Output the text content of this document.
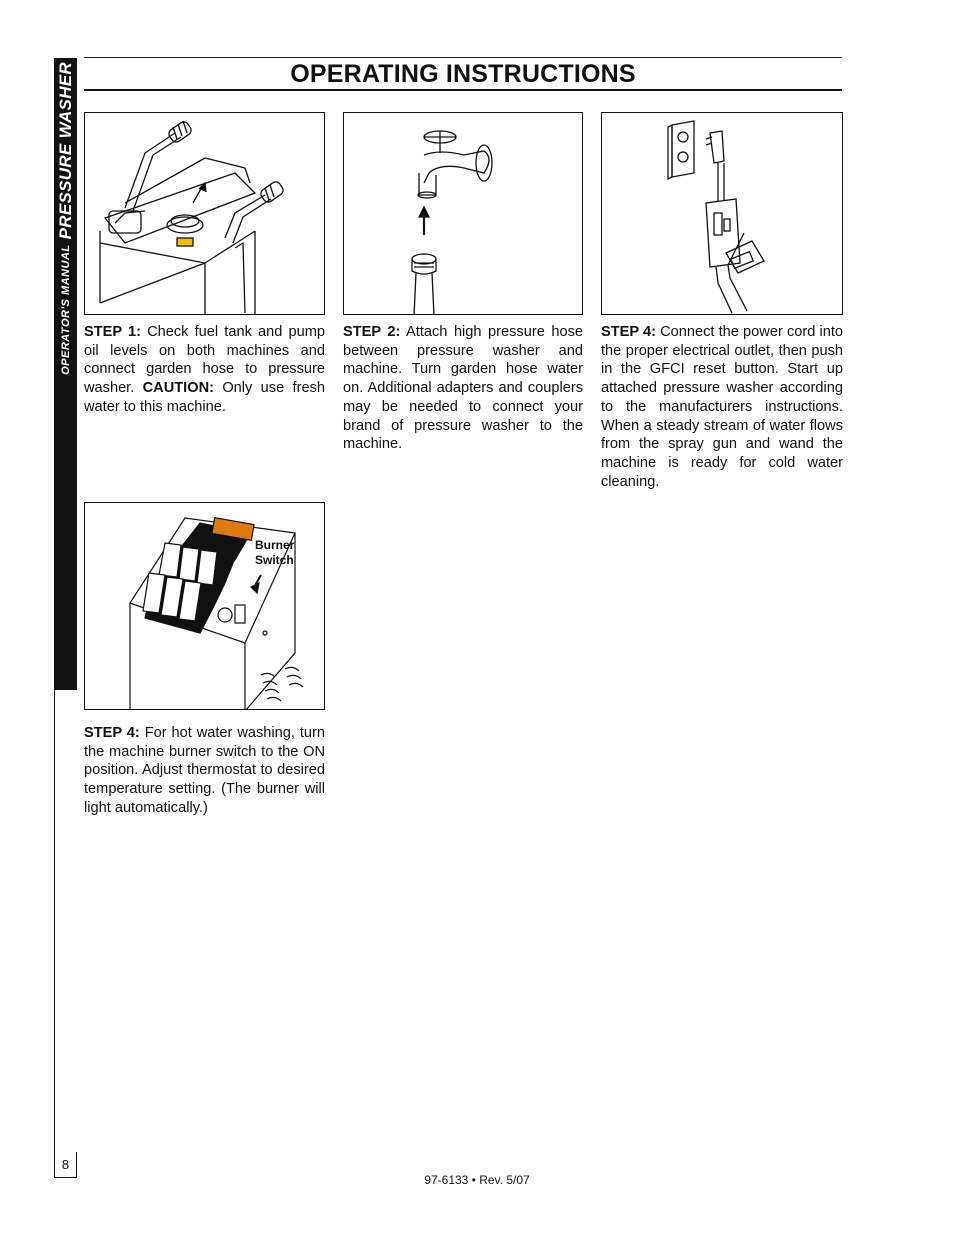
OPERATOR'S MANUAL
PRESSURE WASHER
8
OPERATING INSTRUCTIONS
Burner
Switch

STEP 1: Check fuel tank and pump oil levels on both machines and connect garden hose to pressure washer. CAUTION: Only use fresh water to this machine.

STEP 2: Attach high pressure hose between pressure washer and machine. Turn garden hose water on. Additional adapters and couplers may be needed to connect your brand of pressure washer to the machine.

STEP 4: Connect the power cord into the proper electrical outlet, then push in the GFCI reset button. Start up attached pressure washer according to the manufacturers instructions. When a steady stream of water flows from the spray gun and wand the machine is ready for cold water cleaning.

STEP 4: For hot water washing, turn the machine burner switch to the ON position. Adjust thermostat to desired temperature setting. (The burner will light automatically.)

97-6133 • Rev. 5/07
